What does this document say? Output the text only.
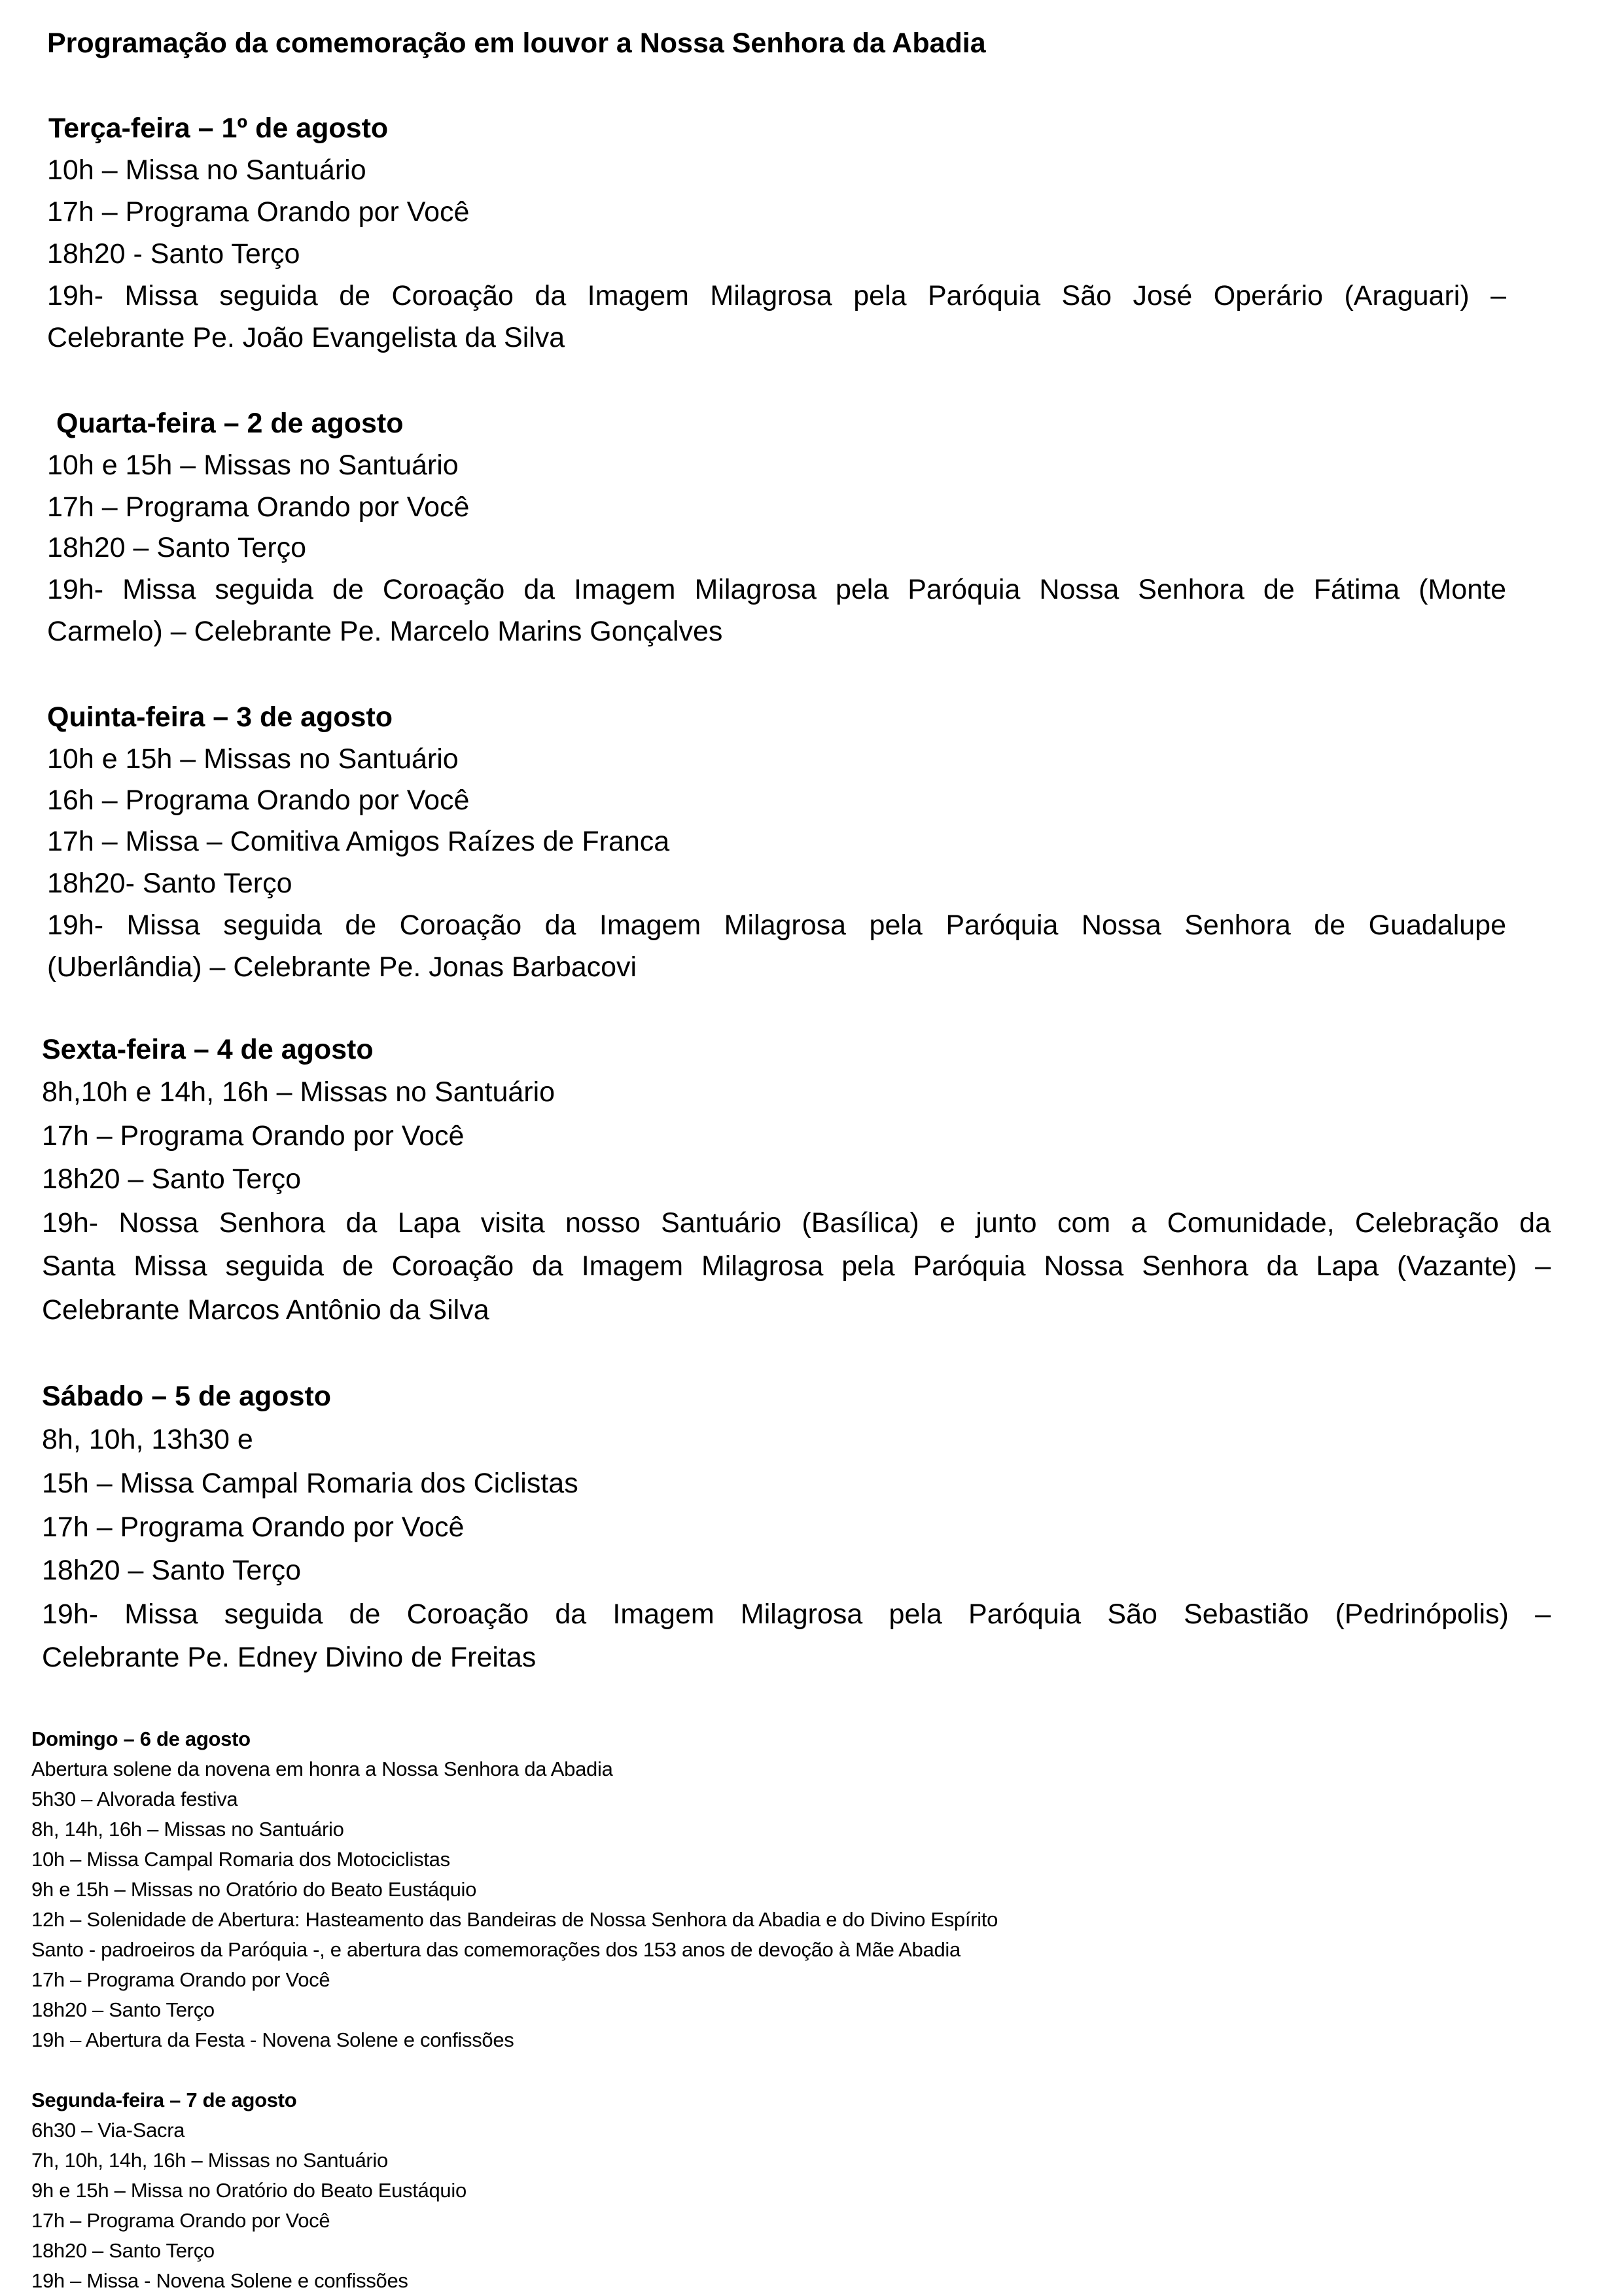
Programação da comemoração em louvor a Nossa Senhora da Abadia
Terça-feira – 1º de agosto
10h – Missa no Santuário
17h – Programa Orando por Você
18h20 - Santo Terço
19h- Missa seguida de Coroação da Imagem Milagrosa pela Paróquia São José Operário (Araguari) –
Celebrante Pe. João Evangelista da Silva
Quarta-feira – 2 de agosto
10h e 15h – Missas no Santuário
17h – Programa Orando por Você
18h20 – Santo Terço
19h- Missa seguida de Coroação da Imagem Milagrosa pela Paróquia Nossa Senhora de Fátima (Monte
Carmelo) – Celebrante Pe. Marcelo Marins Gonçalves
Quinta-feira – 3 de agosto
10h e 15h – Missas no Santuário
16h – Programa Orando por Você
17h – Missa – Comitiva Amigos Raízes de Franca
18h20- Santo Terço
19h- Missa seguida de Coroação da Imagem Milagrosa pela Paróquia Nossa Senhora de Guadalupe
(Uberlândia) – Celebrante Pe. Jonas Barbacovi
Sexta-feira – 4 de agosto
8h,10h e 14h, 16h – Missas no Santuário
17h – Programa Orando por Você
18h20 – Santo Terço
19h- Nossa Senhora da Lapa visita nosso Santuário (Basílica) e junto com a Comunidade, Celebração da
Santa Missa seguida de Coroação da Imagem Milagrosa pela Paróquia Nossa Senhora da Lapa (Vazante) –
Celebrante Marcos Antônio da Silva
Sábado – 5 de agosto
8h, 10h, 13h30 e
15h – Missa Campal Romaria dos Ciclistas
17h – Programa Orando por Você
18h20 – Santo Terço
19h- Missa seguida de Coroação da Imagem Milagrosa pela Paróquia São Sebastião (Pedrinópolis) –
Celebrante Pe. Edney Divino de Freitas
Domingo – 6 de agosto
Abertura solene da novena em honra a Nossa Senhora da Abadia
5h30 – Alvorada festiva
8h, 14h, 16h – Missas no Santuário
10h – Missa Campal Romaria dos Motociclistas
9h e 15h – Missas no Oratório do Beato Eustáquio
12h – Solenidade de Abertura: Hasteamento das Bandeiras de Nossa Senhora da Abadia e do Divino Espírito
Santo - padroeiros da Paróquia -, e abertura das comemorações dos 153 anos de devoção à Mãe Abadia
17h – Programa Orando por Você
18h20 – Santo Terço
19h – Abertura da Festa - Novena Solene e confissões
Segunda-feira – 7 de agosto
6h30 – Via-Sacra
7h, 10h, 14h, 16h – Missas no Santuário
9h e 15h – Missa no Oratório do Beato Eustáquio
17h – Programa Orando por Você
18h20 – Santo Terço
19h – Missa - Novena Solene e confissões
